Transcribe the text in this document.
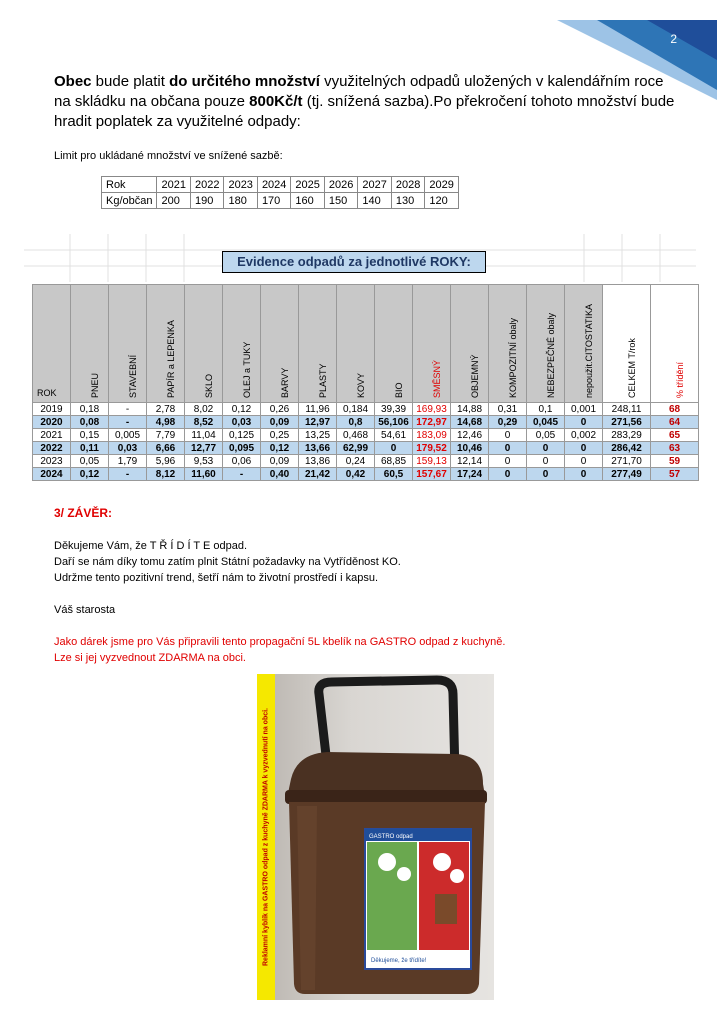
2
Obec bude platit do určitého množství využitelných odpadů uložených v kalendářním roce na skládku na občana pouze 800Kč/t (tj. snížená sazba).Po překročení tohoto množství bude hradit poplatek za využitelné odpady:
Limit pro ukládané množství ve snížené sazbě:
Rok	2021	2022	2023	2024	2025	2026	2027	2028	2029
Kg/občan	200	190	180	170	160	150	140	130	120
Evidence odpadů za jednotlivé ROKY:
ROK	PNEU	STAVEBNÍ	PAPÍR a LEPENKA	SKLO	OLEJ a TUKY	BARVY	PLASTY	KOVY	BIO	SMĚSNÝ	OBJEMNÝ	KOMPOZITNÍ obaly	NEBEZPEČNÉ obaly	nepoužit.CITOSTATIKA	CELKEM T/rok	% třídění

2019	0,18	-	2,78	8,02	0,12	0,26	11,96	0,184	39,39	169,93	14,88	0,31	0,1	0,001	248,11	68
2020	0,08	-	4,98	8,52	0,03	0,09	12,97	0,8	56,106	172,97	14,68	0,29	0,045	0	271,56	64
2021	0,15	0,005	7,79	11,04	0,125	0,25	13,25	0,468	54,61	183,09	12,46	0	0,05	0,002	283,29	65
2022	0,11	0,03	6,66	12,77	0,095	0,12	13,66	62,99	0	179,52	10,46	0	0	0	286,42	63
2023	0,05	1,79	5,96	9,53	0,06	0,09	13,86	0,24	68,85	159,13	12,14	0	0	0	271,70	59
2024	0,12	-	8,12	11,60	-	0,40	21,42	0,42	60,5	157,67	17,24	0	0	0	277,49	57
3/ ZÁVĚR:
Děkujeme Vám, že T Ř Í D Í T E odpad.
Daří se nám díky tomu zatím plnit Státní požadavky na Vytříděnost KO.
Udržme tento pozitivní trend, šetří nám to životní prostředí i kapsu.
Váš starosta
Jako dárek jsme pro Vás připravili tento propagační 5L kbelík na GASTRO odpad z kuchyně.
Lze si jej vyzvednout ZDARMA na obci.
Reklamní kyblík na GASTRO odpad z kuchyně ZDARMA k vyzvednutí na obci.	GASTRO odpad
Děkujeme, že třídíte!
